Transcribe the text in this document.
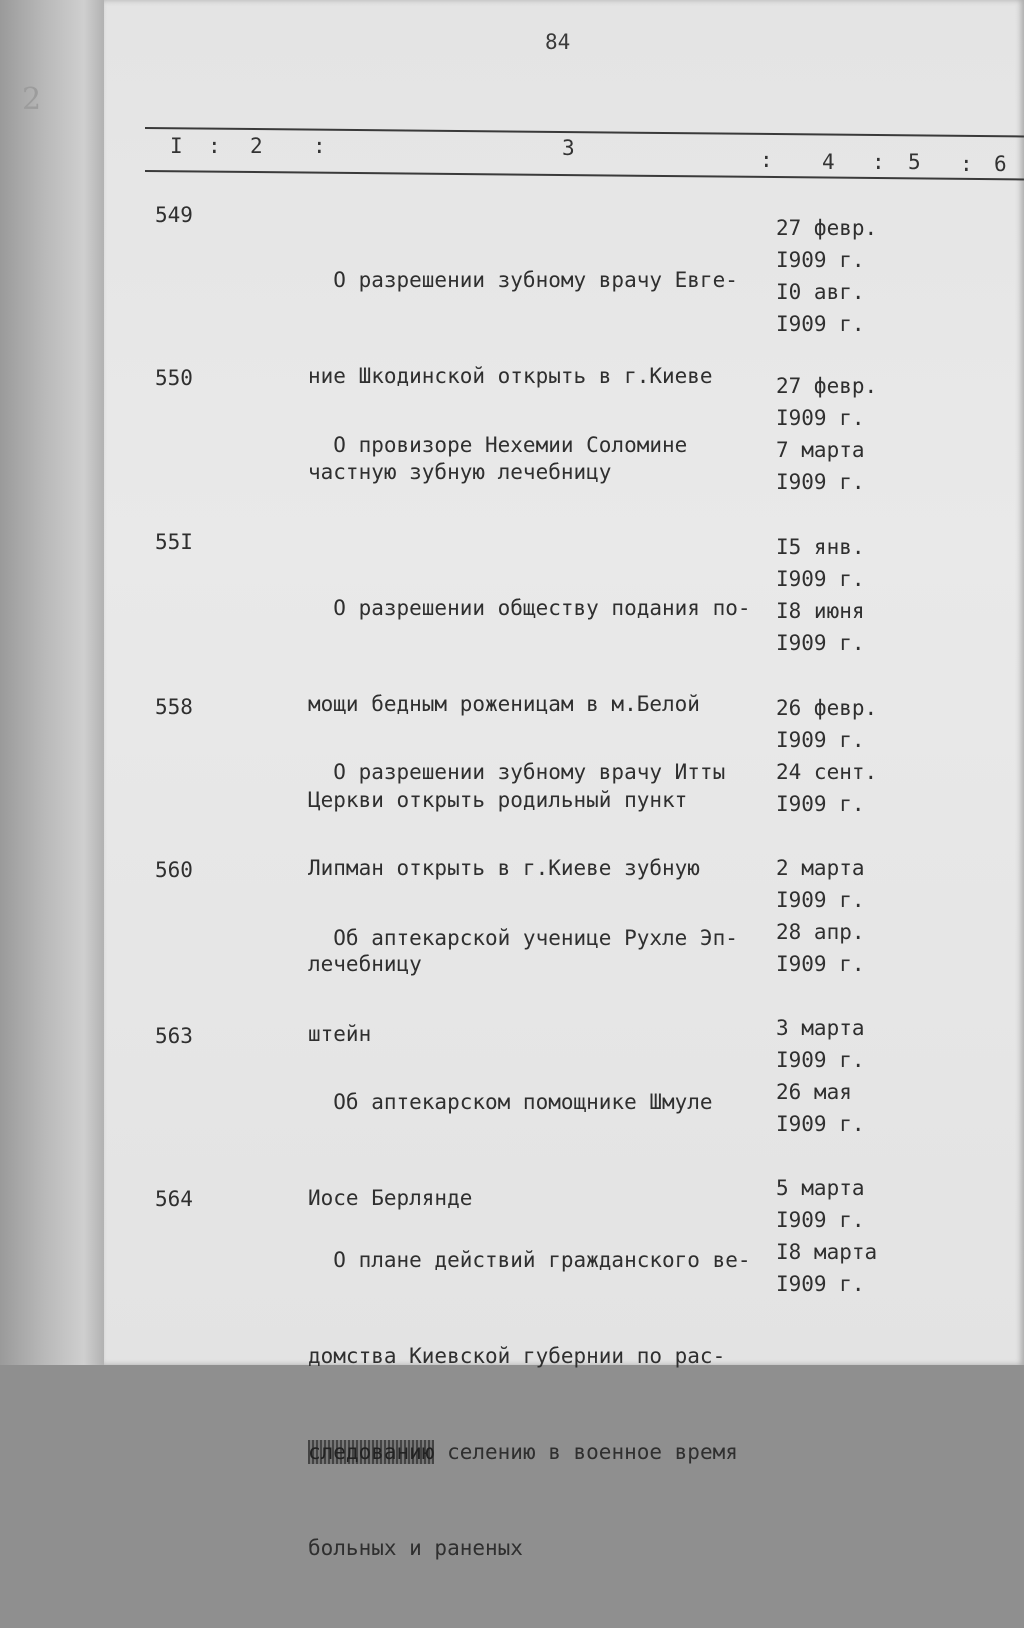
2
84
I : 2 :	3	: 4 : 5 : 6
549

О разрешении зубному врачу Евге-

ние Шкодинской открыть в г.Киеве

частную зубную лечебницу

27 февр.
I909 г.
I0 авг.
I909 г.
550

О провизоре Нехемии Соломине

27 февр.
I909 г.
7 марта
I909 г.
55I

О разрешении обществу подания по-

мощи бедным роженицам в м.Белой

Церкви открыть родильный пункт

I5 янв.
I909 г.
I8 июня
I909 г.
558

О разрешении зубному врачу Итты

Липман открыть в г.Киеве зубную

лечебницу

26 февр.
I909 г.
24 сент.
I909 г.
560

Об аптекарской ученице Рухле Эп-

штейн

2 марта
I909 г.
28 апр.
I909 г.
563

Об аптекарском помощнике Шмуле

Иосе Берлянде

3 марта
I909 г.
26 мая
I909 г.
564

О плане действий гражданского ве-

домства Киевской губернии по рас-

следованию селению в военное время

больных и раненых

5 марта
I909 г.
I8 марта
I909 г.
